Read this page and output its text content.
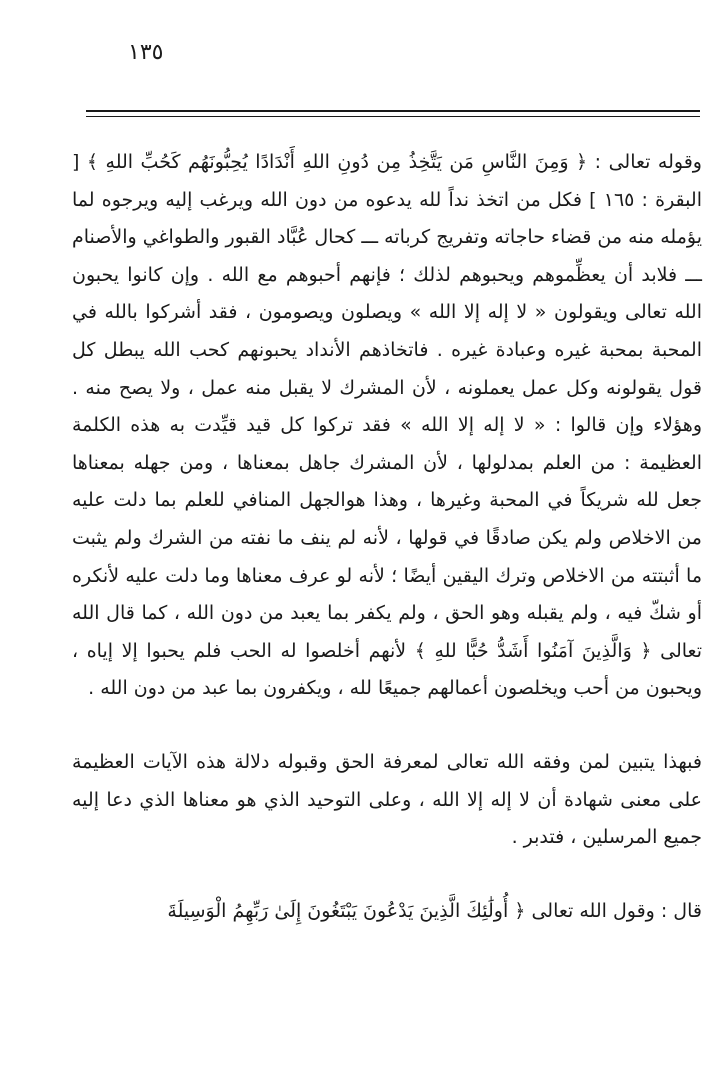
١٣٥

وقوله تعالى : ﴿ وَمِنَ النَّاسِ مَن يَتَّخِذُ مِن دُونِ اللهِ أَنْدَادًا يُحِبُّونَهُم كَحُبِّ اللهِ ﴾ [ البقرة : ١٦٥ ] فكل من اتخذ نداً لله يدعوه من دون الله ويرغب إليه ويرجوه لما يؤمله منه من قضاء حاجاته وتفريج كرباته ـــ كحال عُبَّاد القبور والطواغي والأصنام ـــ فلابد أن يعظِّموهم ويحبوهم لذلك ؛ فإنهم أحبوهم مع الله . وإن كانوا يحبون الله تعالى ويقولون « لا إله إلا الله » ويصلون ويصومون ، فقد أشركوا بالله في المحبة بمحبة غيره وعبادة غيره . فاتخاذهم الأنداد يحبونهم كحب الله يبطل كل قول يقولونه وكل عمل يعملونه ، لأن المشرك لا يقبل منه عمل ، ولا يصح منه . وهؤلاء وإن قالوا : « لا إله إلا الله » فقد تركوا كل قيد قيِّدت به هذه الكلمة العظيمة : من العلم بمدلولها ، لأن المشرك جاهل بمعناها ، ومن جهله بمعناها جعل لله شريكاً في المحبة وغيرها ، وهذا هوالجهل المنافي للعلم بما دلت عليه من الاخلاص ولم يكن صادقًا في قولها ، لأنه لم ينف ما نفته من الشرك ولم يثبت ما أثبتته من الاخلاص وترك اليقين أيضًا ؛ لأنه لو عرف معناها وما دلت عليه لأنكره أو شكّ فيه ، ولم يقبله وهو الحق ، ولم يكفر بما يعبد من دون الله ، كما قال الله تعالى ﴿ وَالَّذِينَ آمَنُوا أَشَدُّ حُبًّا للهِ ﴾ لأنهم أخلصوا له الحب فلم يحبوا إلا إياه ، ويحبون من أحب ويخلصون أعمالهم جميعًا لله ، ويكفرون بما عبد من دون الله .

فبهذا يتبين لمن وفقه الله تعالى لمعرفة الحق وقبوله دلالة هذه الآيات العظيمة على معنى شهادة أن لا إله إلا الله ، وعلى التوحيد الذي هو معناها الذي دعا إليه جميع المرسلين ، فتدبر .

قال : وقول الله تعالى ﴿ أُولَٰئِكَ الَّذِينَ يَدْعُونَ يَبْتَغُونَ إِلَىٰ رَبِّهِمُ الْوَسِيلَةَ
